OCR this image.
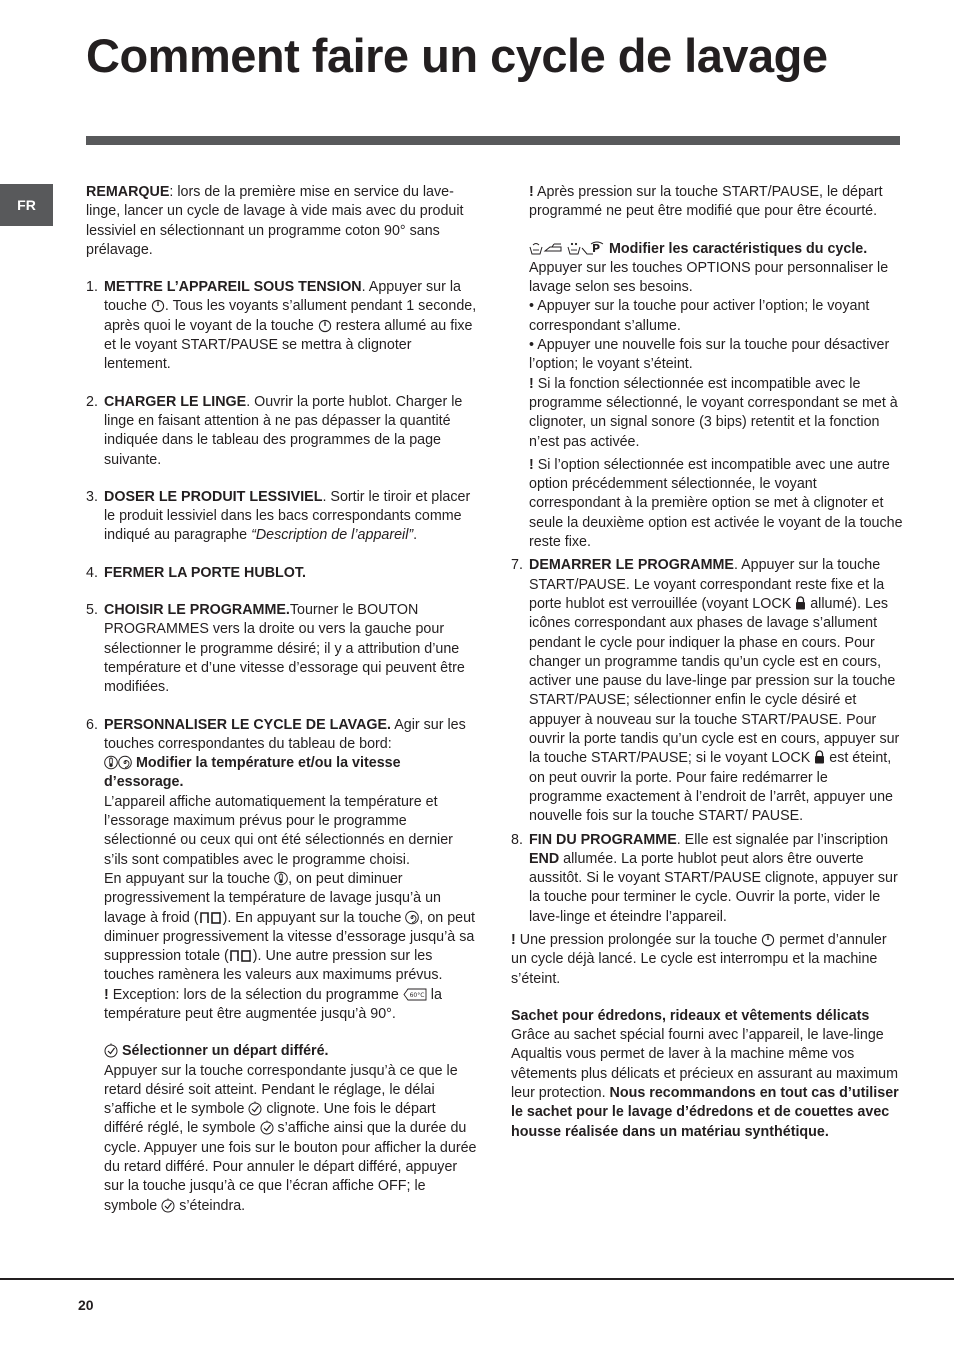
Comment faire un cycle de lavage
FR

REMARQUE: lors de la première mise en service du lave-linge, lancer un cycle de lavage à vide mais avec du produit lessiviel en sélectionnant un programme coton 90° sans prélavage.

1. METTRE L’APPAREIL SOUS TENSION. Appuyer sur la touche
. Tous les voyants s’allument pendant 1 seconde, après quoi le voyant de la touche
restera allumé au fixe et le voyant START/PAUSE se mettra à clignoter lentement.
2. CHARGER LE LINGE. Ouvrir la porte hublot. Charger le linge en faisant attention à ne pas dépasser la quantité indiquée dans le tableau des programmes de la page suivante.
3. DOSER LE PRODUIT LESSIVIEL. Sortir le tiroir et placer le produit lessiviel dans les bacs correspondants comme indiqué au paragraphe “Description de l’appareil”.
4. FERMER LA PORTE HUBLOT.
5. CHOISIR LE PROGRAMME.Tourner le BOUTON PROGRAMMES vers la droite ou vers la gauche pour sélectionner le programme désiré; il y a attribution d’une température et d’une vitesse d’essorage qui peuvent être modifiées.
6. PERSONNALISER LE CYCLE DE LAVAGE. Agir sur les touches correspondantes du tableau de bord:

Modifier la température et/ou la vitesse d’essorage.
L’appareil affiche automatiquement la température et l’essorage maximum prévus pour le programme sélectionné ou ceux qui ont été sélectionnés en dernier s’ils sont compatibles avec le programme choisi.
En appuyant sur la touche
, on peut diminuer progressivement la température de lavage jusqu’à un lavage à froid ( ). En appuyant sur la touche
, on peut diminuer progressivement la vitesse d’essorage jusqu’à sa suppression totale ( ). Une autre pression sur les touches ramènera les valeurs aux maximums prévus.
! Exception: lors de la sélection du programme 60°C la température peut être augmentée jusqu’à 90°.

Sélectionner un départ différé.

Appuyer sur la touche correspondante jusqu’à ce que le retard désiré soit atteint. Pendant le réglage, le délai s’affiche et le symbole
clignote. Une fois le départ différé réglé, le symbole
s’affiche ainsi que la durée du cycle. Appuyer une fois sur le bouton pour afficher la durée du retard différé. Pour annuler le départ différé, appuyer sur la touche jusqu’à ce que l’écran affiche OFF; le symbole
s’éteindra.

! Après pression sur la touche START/PAUSE, le départ programmé ne peut être modifié que pour être écourté.
P Modifier les caractéristiques du cycle.
Appuyer sur les touches OPTIONS pour personnaliser le lavage selon ses besoins.
• Appuyer sur la touche pour activer l’option; le voyant correspondant s’allume.
• Appuyer une nouvelle fois sur la touche pour désactiver l’option; le voyant s’éteint.
! Si la fonction sélectionnée est incompatible avec le programme sélectionné, le voyant correspondant se met à clignoter, un signal sonore (3 bips) retentit et la fonction n’est pas activée.

! Si l’option sélectionnée est incompatible avec une autre option précédemment sélectionnée, le voyant correspondant à la première option se met à clignoter et seule la deuxième option est activée le voyant de la touche reste fixe.

7. DEMARRER LE PROGRAMME. Appuyer sur la touche START/PAUSE. Le voyant correspondant reste fixe et la porte hublot est verrouillée (voyant LOCK  allumé). Les icônes correspondant aux phases de lavage s’allument pendant le cycle pour indiquer la phase en cours. Pour changer un programme tandis qu’un cycle est en cours, activer une pause du lave-linge par pression sur la touche START/PAUSE; sélectionner enfin le cycle désiré et appuyer à nouveau sur la touche START/PAUSE. Pour ouvrir la porte tandis qu’un cycle est en cours, appuyer sur la touche START/PAUSE; si le voyant LOCK  est éteint, on peut ouvrir la porte. Pour faire redémarrer le programme exactement à l’endroit de l’arrêt, appuyer une nouvelle fois sur la touche START/ PAUSE.
8. FIN DU PROGRAMME. Elle est signalée par l’inscription END allumée. La porte hublot peut alors être ouverte aussitôt. Si le voyant START/PAUSE clignote, appuyer sur la touche pour terminer le cycle. Ouvrir la porte, vider le lave-linge et éteindre l’appareil.

! Une pression prolongée sur la touche
permet d’annuler un cycle déjà lancé. Le cycle est interrompu et la machine s’éteint.

Sachet pour édredons, rideaux et vêtements délicats
Grâce au sachet spécial fourni avec l’appareil, le lave-linge Aqualtis vous permet de laver à la machine même vos vêtements plus délicats et précieux en assurant au maximum leur protection. Nous recommandons en tout cas d’utiliser le sachet pour le lavage d’édredons et de couettes avec housse réalisée dans un matériau synthétique.

20
